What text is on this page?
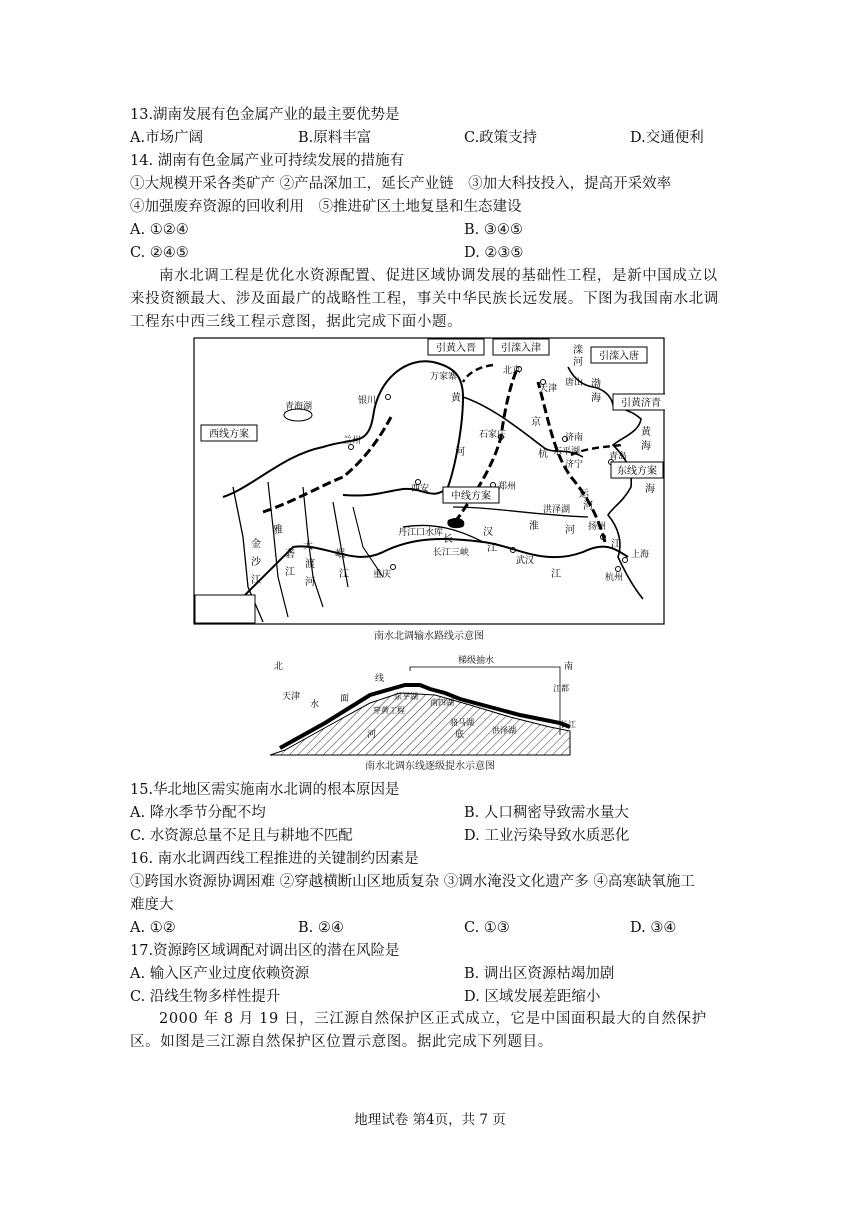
13.湖南发展有色金属产业的最主要优势是
A.市场广阔	B.原料丰富	C.政策支持	D.交通便利
14. 湖南有色金属产业可持续发展的措施有
①大规模开采各类矿产 ②产品深加工，延长产业链　③加大科技投入，提高开采效率
④加强废弃资源的回收利用　⑤推进矿区土地复垦和生态建设
A. ①②④	B. ③④⑤
C. ②④⑤	D. ②③⑤
南水北调工程是优化水资源配置、促进区域协调发展的基础性工程，是新中国成立以来投资额最大、涉及面最广的战略性工程，事关中华民族长远发展。下图为我国南水北调工程东中西三线工程示意图，据此完成下面小题。
引黄入晋	引滦入津
引滦入唐
引黄济青
西线方案
中线方案
东线方案
青海湖
银川
万家寨
北京
天津
唐山
石家庄
兰州
西安	郑州
济南
东平湖
济宁
青岛
洪泽湖
扬州
上海
杭州
武汉
重庆
丹江口水库
长江三峡
滦
河
渤
海
黄
河
京
杭
运
河
黄
海
金
沙
江
雅
砻
江
大
渡
河
岷
江
长
江
汉
江
淮	河
江
海
南水北调输水路线示意图
北	南
梯级抽水
天津
线
面
水
河	底
东平湖
穿黄工程
南四湖
骆马湖
洪泽湖
江都
长江
南水北调东线逐级提水示意图
15.华北地区需实施南水北调的根本原因是
A. 降水季节分配不均	B. 人口稠密导致需水量大
C. 水资源总量不足且与耕地不匹配	D. 工业污染导致水质恶化
16. 南水北调西线工程推进的关键制约因素是
①跨国水资源协调困难 ②穿越横断山区地质复杂 ③调水淹没文化遗产多 ④高寒缺氧施工
难度大
A. ①②	B. ②④	C. ①③	D. ③④
17.资源跨区域调配对调出区的潜在风险是
A. 输入区产业过度依赖资源	B. 调出区资源枯竭加剧
C. 沿线生物多样性提升	D. 区域发展差距缩小
2000 年 8 月 19 日，三江源自然保护区正式成立，它是中国面积最大的自然保护区。如图是三江源自然保护区位置示意图。据此完成下列题目。
地理试卷 第4页，共 7 页
